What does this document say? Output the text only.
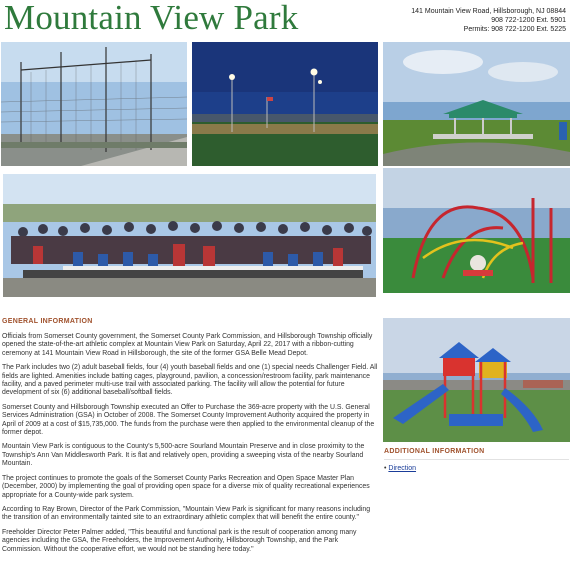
Mountain View Park	141 Mountain View Road, Hillsborough, NJ 08844
908 722-1200 Ext. 5901
Permits: 908 722-1200 Ext. 5225
GENERAL INFORMATION

Officials from Somerset County government, the Somerset County Park Commission, and Hillsborough Township officially opened the state-of-the-art athletic complex at Mountain View Park on Saturday, April 22, 2017 with a ribbon-cutting ceremony at 141 Mountain View Road in Hillsborough, the site of the former GSA Belle Mead Depot.

The Park includes two (2) adult baseball fields, four (4) youth baseball fields and one (1) special needs Challenger Field. All fields are lighted. Amenities include batting cages, playground, pavilion, a concession/restroom facility, park maintenance facility, and a paved perimeter multi-use trail with associated parking. The facility will allow the potential for future development of six (6) additional baseball/softball fields.

Somerset County and Hillsborough Township executed an Offer to Purchase the 369-acre property with the U.S. General Services Administration (GSA) in October of 2008. The Somerset County Improvement Authority acquired the property in April of 2009 at a cost of $15,735,000. The funds from the purchase were then applied to the environmental cleanup of the former depot.

Mountain View Park is contiguous to the County's 5,500-acre Sourland Mountain Preserve and in close proximity to the Township's Ann Van Middlesworth Park. It is flat and relatively open, providing a sweeping vista of the nearby Sourland Mountain.

The project continues to promote the goals of the Somerset County Parks Recreation and Open Space Master Plan (December, 2000) by implementing the goal of providing open space for a diverse mix of quality recreational experiences appropriate for a County-wide park system.

According to Ray Brown, Director of the Park Commission, "Mountain View Park is significant for many reasons including the transition of an environmentally tainted site to an extraordinary athletic complex that will benefit the entire county."

Freeholder Director Peter Palmer added, "This beautiful and functional park is the result of cooperation among many agencies including the GSA, the Freeholders, the Improvement Authority, Hillsborough Township, and the Park Commission. Without the cooperative effort, we would not be standing here today."

ADDITIONAL INFORMATION
• Direction
